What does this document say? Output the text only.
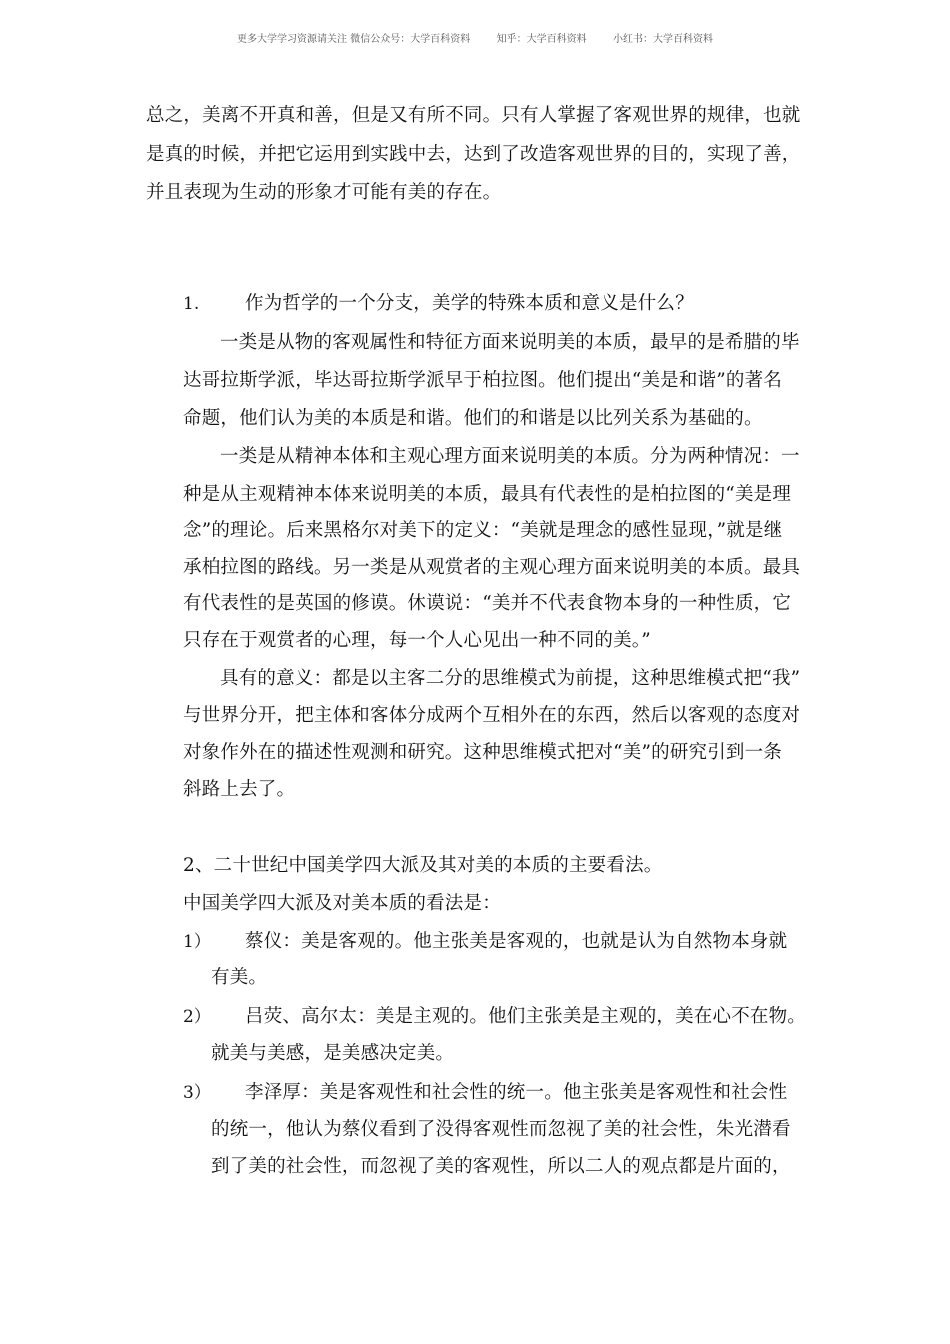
更多大学学习资源请关注 微信公众号：大学百科资料 　　 知乎：大学百科资料 　　 小红书：大学百科资料
总之，美离不开真和善，但是又有所不同。只有人掌握了客观世界的规律，也就
是真的时候，并把它运用到实践中去，达到了改造客观世界的目的，实现了善，
并且表现为生动的形象才可能有美的存在。
1. 作为哲学的一个分支，美学的特殊本质和意义是什么？
一类是从物的客观属性和特征方面来说明美的本质，最早的是希腊的毕
达哥拉斯学派，毕达哥拉斯学派早于柏拉图。他们提出“美是和谐”的著名
命题，他们认为美的本质是和谐。他们的和谐是以比列关系为基础的。
一类是从精神本体和主观心理方面来说明美的本质。分为两种情况：一
种是从主观精神本体来说明美的本质，最具有代表性的是柏拉图的“美是理
念”的理论。后来黑格尔对美下的定义：“美就是理念的感性显现，”就是继
承柏拉图的路线。另一类是从观赏者的主观心理方面来说明美的本质。最具
有代表性的是英国的修谟。休谟说：“美并不代表食物本身的一种性质，它
只存在于观赏者的心理，每一个人心见出一种不同的美。”
具有的意义：都是以主客二分的思维模式为前提，这种思维模式把“我”
与世界分开，把主体和客体分成两个互相外在的东西，然后以客观的态度对
对象作外在的描述性观测和研究。这种思维模式把对“美”的研究引到一条
斜路上去了。
2、二十世纪中国美学四大派及其对美的本质的主要看法。
中国美学四大派及对美本质的看法是：
1） 蔡仪：美是客观的。他主张美是客观的，也就是认为自然物本身就
有美。
2） 吕荧、高尔太：美是主观的。他们主张美是主观的，美在心不在物。
就美与美感，是美感决定美。
3） 李泽厚：美是客观性和社会性的统一。他主张美是客观性和社会性
的统一，他认为蔡仪看到了没得客观性而忽视了美的社会性，朱光潜看
到了美的社会性，而忽视了美的客观性，所以二人的观点都是片面的，
